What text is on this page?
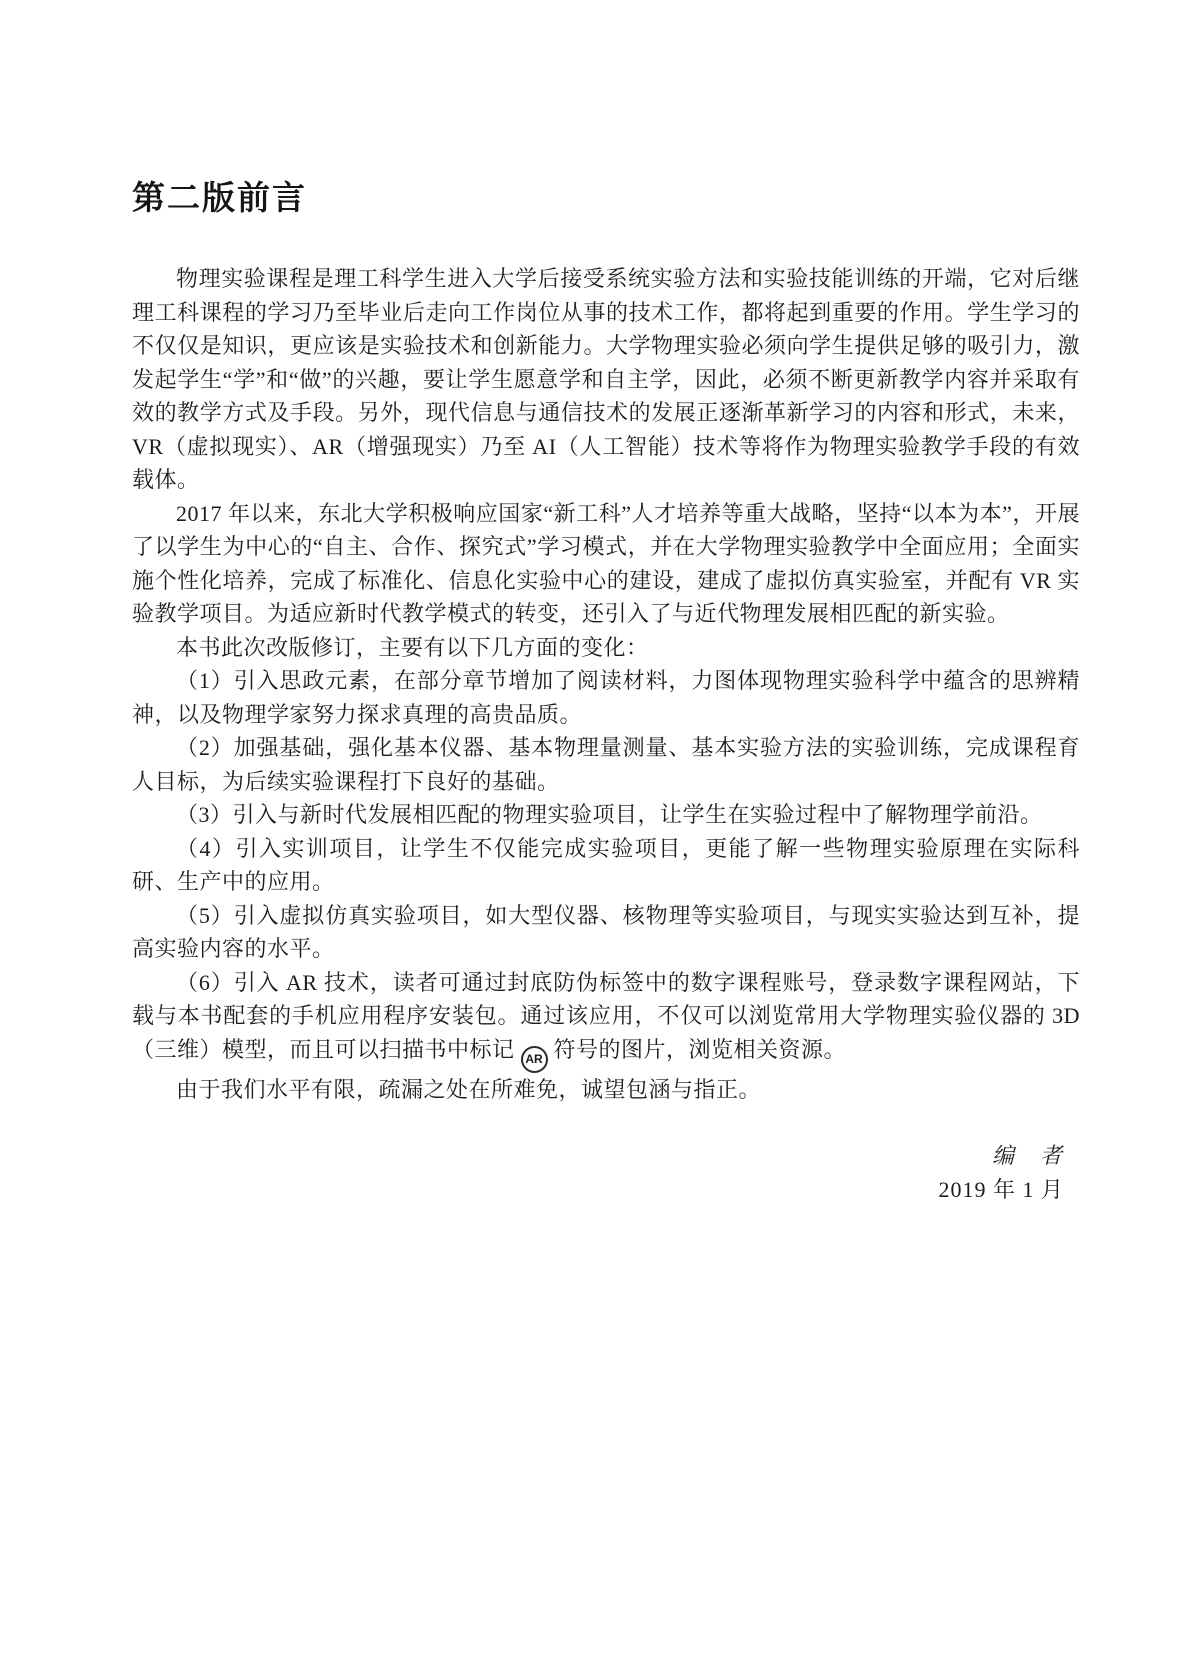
第二版前言

物理实验课程是理工科学生进入大学后接受系统实验方法和实验技能训练的开端，它对后继理工科课程的学习乃至毕业后走向工作岗位从事的技术工作，都将起到重要的作用。学生学习的不仅仅是知识，更应该是实验技术和创新能力。大学物理实验必须向学生提供足够的吸引力，激发起学生“学”和“做”的兴趣，要让学生愿意学和自主学，因此，必须不断更新教学内容并采取有效的教学方式及手段。另外，现代信息与通信技术的发展正逐渐革新学习的内容和形式，未来，VR（虚拟现实）、AR（增强现实）乃至 AI（人工智能）技术等将作为物理实验教学手段的有效载体。

2017 年以来，东北大学积极响应国家“新工科”人才培养等重大战略，坚持“以本为本”，开展了以学生为中心的“自主、合作、探究式”学习模式，并在大学物理实验教学中全面应用；全面实施个性化培养，完成了标准化、信息化实验中心的建设，建成了虚拟仿真实验室，并配有 VR 实验教学项目。为适应新时代教学模式的转变，还引入了与近代物理发展相匹配的新实验。

本书此次改版修订，主要有以下几方面的变化：

（1）引入思政元素，在部分章节增加了阅读材料，力图体现物理实验科学中蕴含的思辨精神，以及物理学家努力探求真理的高贵品质。

（2）加强基础，强化基本仪器、基本物理量测量、基本实验方法的实验训练，完成课程育人目标，为后续实验课程打下良好的基础。

（3）引入与新时代发展相匹配的物理实验项目，让学生在实验过程中了解物理学前沿。

（4）引入实训项目，让学生不仅能完成实验项目，更能了解一些物理实验原理在实际科研、生产中的应用。

（5）引入虚拟仿真实验项目，如大型仪器、核物理等实验项目，与现实实验达到互补，提高实验内容的水平。

（6）引入 AR 技术，读者可通过封底防伪标签中的数字课程账号，登录数字课程网站，下载与本书配套的手机应用程序安装包。通过该应用，不仅可以浏览常用大学物理实验仪器的 3D（三维）模型，而且可以扫描书中标记 AR 符号的图片，浏览相关资源。

由于我们水平有限，疏漏之处在所难免，诚望包涵与指正。

编　者
2019 年 1 月
